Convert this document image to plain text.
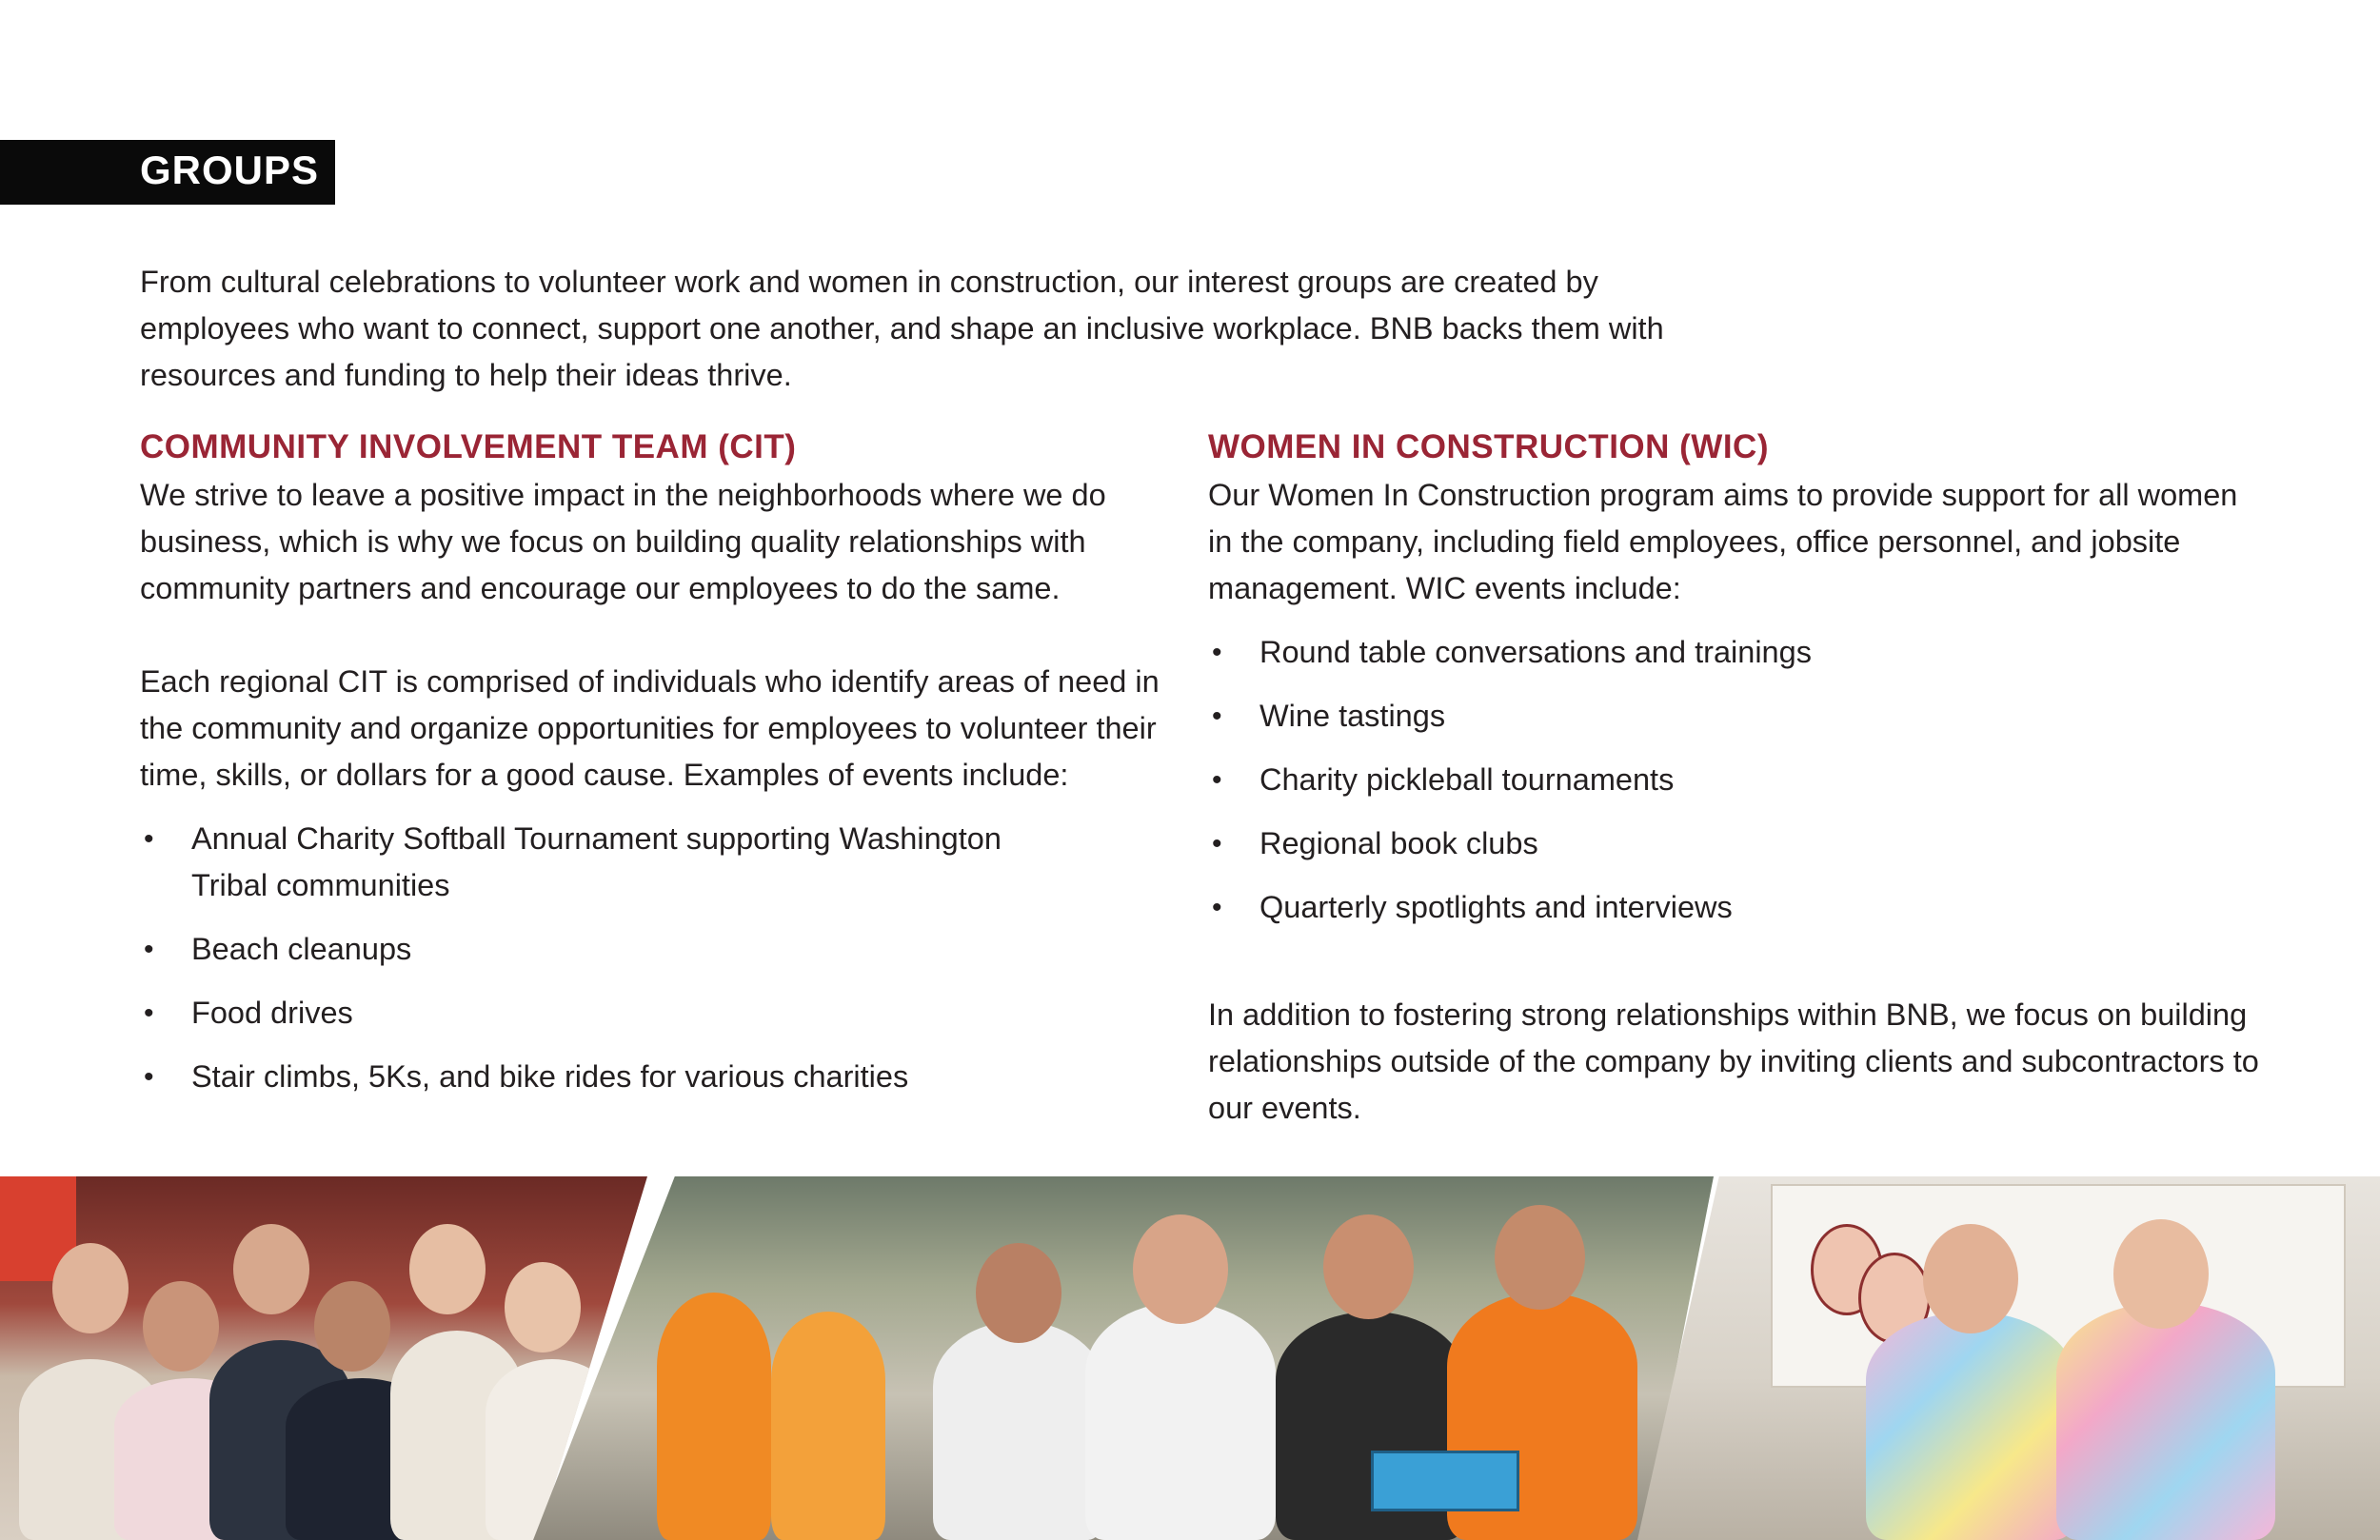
GROUPS

From cultural celebrations to volunteer work and women in construction, our interest groups are created by employees who want to connect, support one another, and shape an inclusive workplace. BNB backs them with resources and funding to help their ideas thrive.

COMMUNITY INVOLVEMENT TEAM (CIT)

We strive to leave a positive impact in the neighborhoods where we do business, which is why we focus on building quality relationships with community partners and encourage our employees to do the same.

Each regional CIT is comprised of individuals who identify areas of need in the community and organize opportunities for employees to volunteer their time, skills, or dollars for a good cause. Examples of events include:

• Annual Charity Softball Tournament supporting Washington Tribal communities
• Beach cleanups
• Food drives
• Stair climbs, 5Ks, and bike rides for various charities
WOMEN IN CONSTRUCTION (WIC)

Our Women In Construction program aims to provide support for all women in the company, including field employees, office personnel, and jobsite management. WIC events include:

• Round table conversations and trainings
• Wine tastings
• Charity pickleball tournaments
• Regional book clubs
• Quarterly spotlights and interviews

In addition to fostering strong relationships within BNB, we focus on building relationships outside of the company by inviting clients and subcontractors to our events.
